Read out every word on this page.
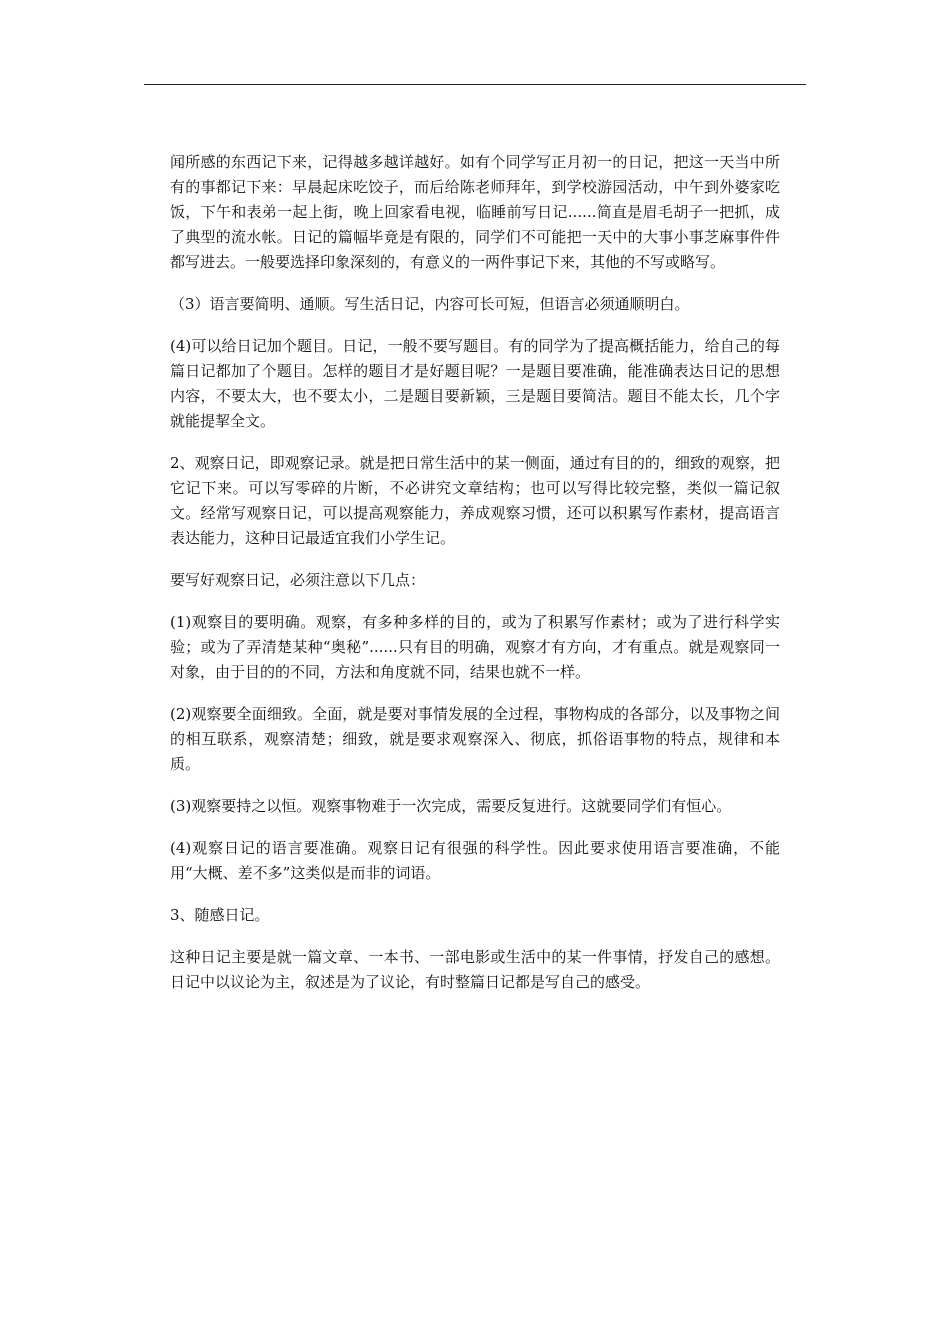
闻所感的东西记下来，记得越多越详越好。如有个同学写正月初一的日记，把这一天当中所有的事都记下来：早晨起床吃饺子，而后给陈老师拜年，到学校游园活动，中午到外婆家吃饭，下午和表弟一起上街，晚上回家看电视，临睡前写日记......简直是眉毛胡子一把抓，成了典型的流水帐。日记的篇幅毕竟是有限的，同学们不可能把一天中的大事小事芝麻事件件都写进去。一般要选择印象深刻的，有意义的一两件事记下来，其他的不写或略写。

（3）语言要简明、通顺。写生活日记，内容可长可短，但语言必须通顺明白。

(4)可以给日记加个题目。日记，一般不要写题目。有的同学为了提高概括能力，给自己的每篇日记都加了个题目。怎样的题目才是好题目呢？一是题目要准确，能准确表达日记的思想内容，不要太大，也不要太小，二是题目要新颖，三是题目要简洁。题目不能太长，几个字就能提挈全文。

2、观察日记，即观察记录。就是把日常生活中的某一侧面，通过有目的的，细致的观察，把它记下来。可以写零碎的片断，不必讲究文章结构；也可以写得比较完整，类似一篇记叙文。经常写观察日记，可以提高观察能力，养成观察习惯，还可以积累写作素材，提高语言表达能力，这种日记最适宜我们小学生记。

要写好观察日记，必须注意以下几点：

(1)观察目的要明确。观察，有多种多样的目的，或为了积累写作素材；或为了进行科学实验；或为了弄清楚某种“奥秘”......只有目的明确，观察才有方向，才有重点。就是观察同一对象，由于目的的不同，方法和角度就不同，结果也就不一样。

(2)观察要全面细致。全面，就是要对事情发展的全过程，事物构成的各部分，以及事物之间的相互联系，观察清楚；细致，就是要求观察深入、彻底，抓俗语事物的特点，规律和本质。

(3)观察要持之以恒。观察事物难于一次完成，需要反复进行。这就要同学们有恒心。

(4)观察日记的语言要准确。观察日记有很强的科学性。因此要求使用语言要准确，不能用“大概、差不多”这类似是而非的词语。

3、随感日记。

这种日记主要是就一篇文章、一本书、一部电影或生活中的某一件事情，抒发自己的感想。日记中以议论为主，叙述是为了议论，有时整篇日记都是写自己的感受。
